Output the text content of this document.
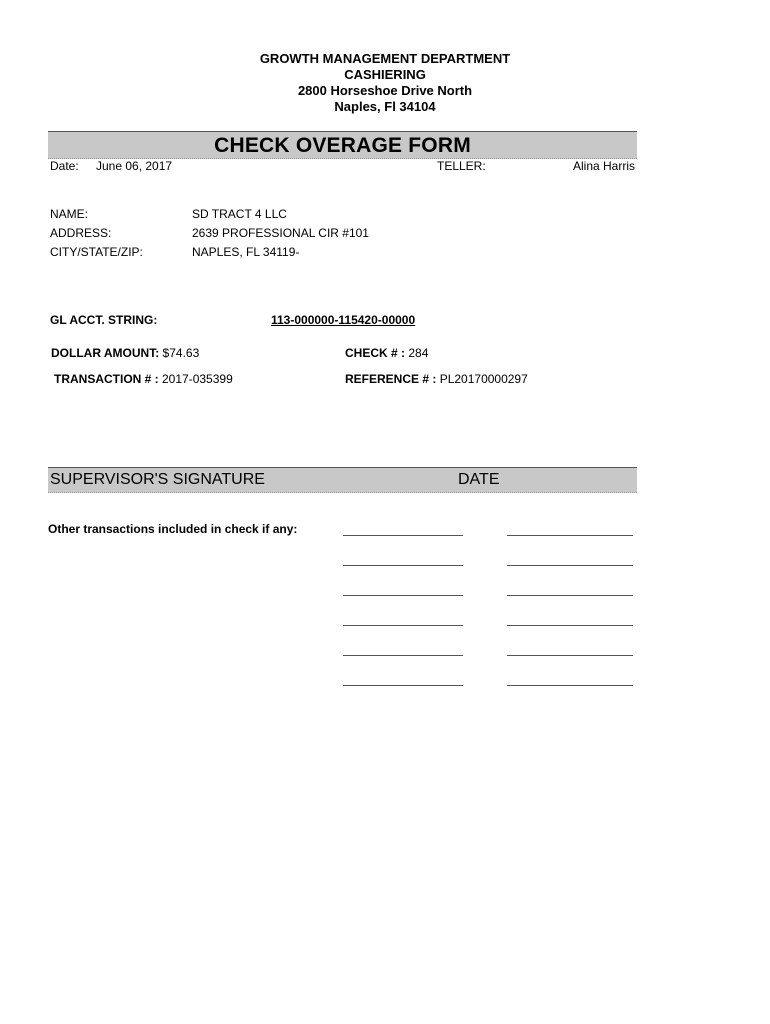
GROWTH MANAGEMENT DEPARTMENT
CASHIERING
2800 Horseshoe Drive North
Naples, Fl 34104
CHECK OVERAGE FORM
Date: June 06, 2017	TELLER:	Alina Harris
NAME:	SD TRACT 4 LLC
ADDRESS:	2639 PROFESSIONAL CIR #101
CITY/STATE/ZIP:	NAPLES, FL 34119-
GL ACCT. STRING:	113-000000-115420-00000
DOLLAR AMOUNT: $74.63	CHECK # : 284
TRANSACTION # : 2017-035399	REFERENCE # : PL20170000297
SUPERVISOR'S SIGNATURE	DATE
Other transactions included in check if any:
